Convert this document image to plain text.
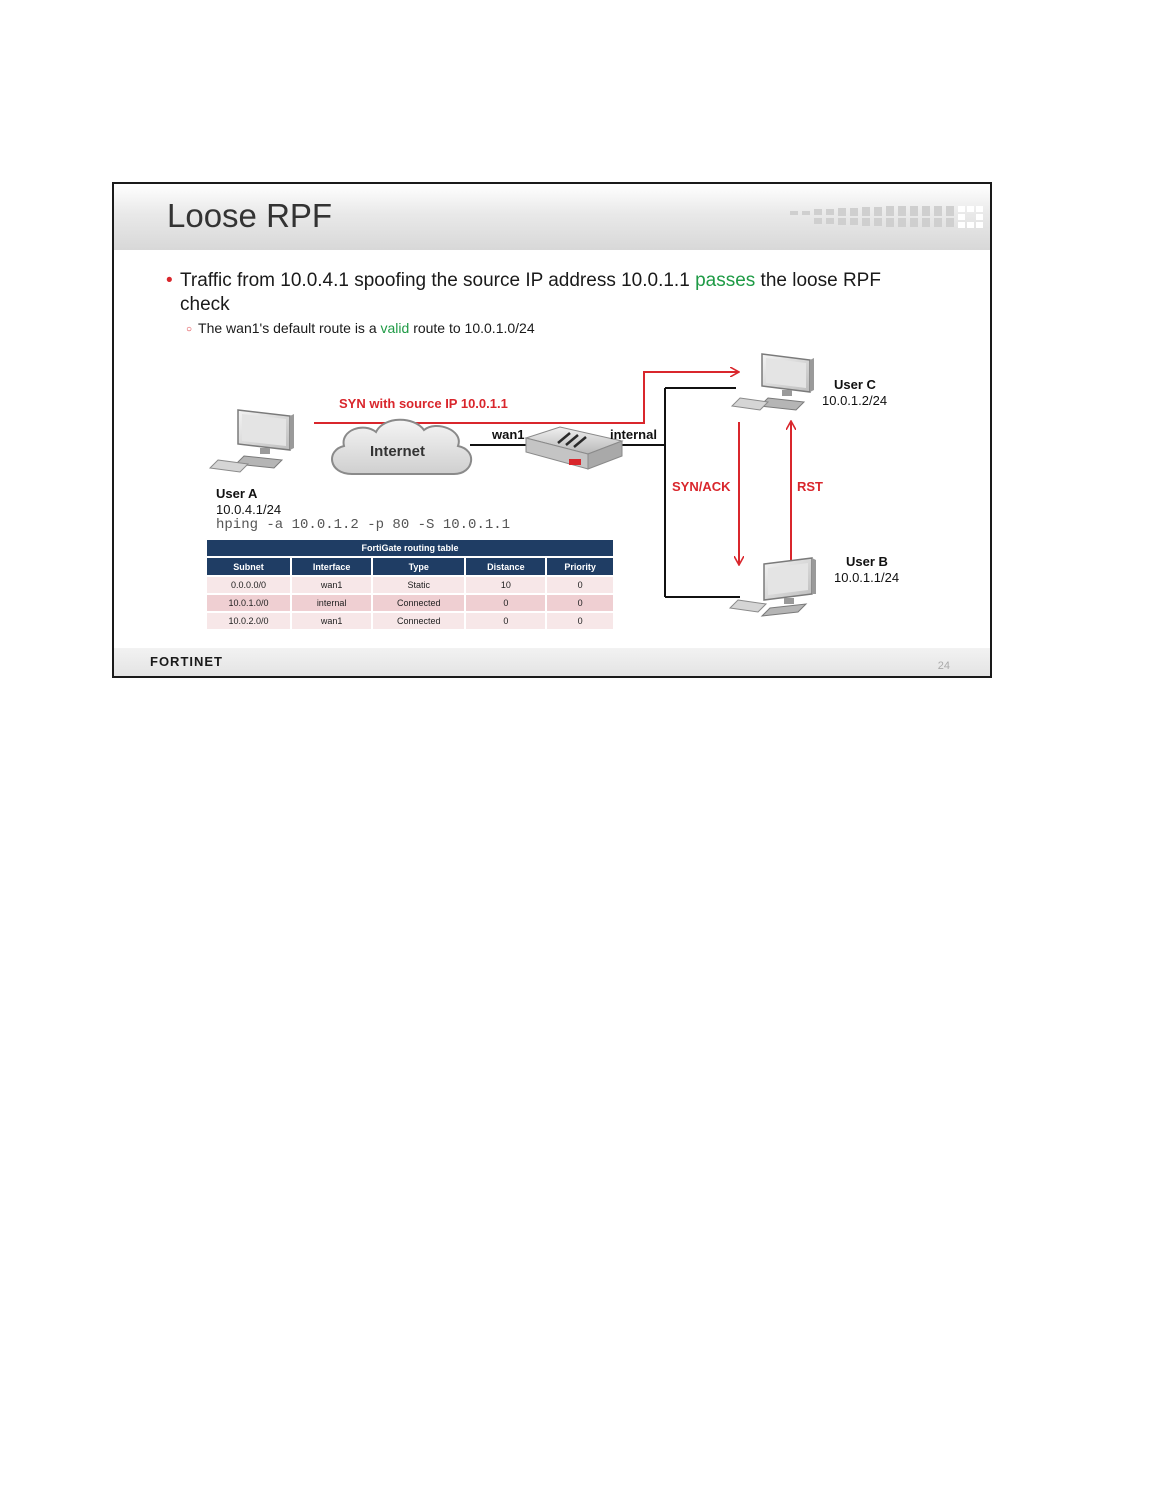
Loose RPF
• Traffic from 10.0.4.1 spoofing the source IP address 10.0.1.1 passes the loose RPF check
○ The wan1's default route is a valid route to 10.0.1.0/24
SYN with source IP 10.0.1.1
Internet
wan1	internal
SYN/ACK	RST
User A
10.0.4.1/24
User C
10.0.1.2/24
User B
10.0.1.1/24
hping -a 10.0.1.2 -p 80 -S 10.0.1.1
FortiGate routing table				
Subnet	Interface	Type	Distance	Priority
0.0.0.0/0	wan1	Static	10	0
10.0.1.0/0	internal	Connected	0	0
10.0.2.0/0	wan1	Connected	0	0
FORTINET	24
